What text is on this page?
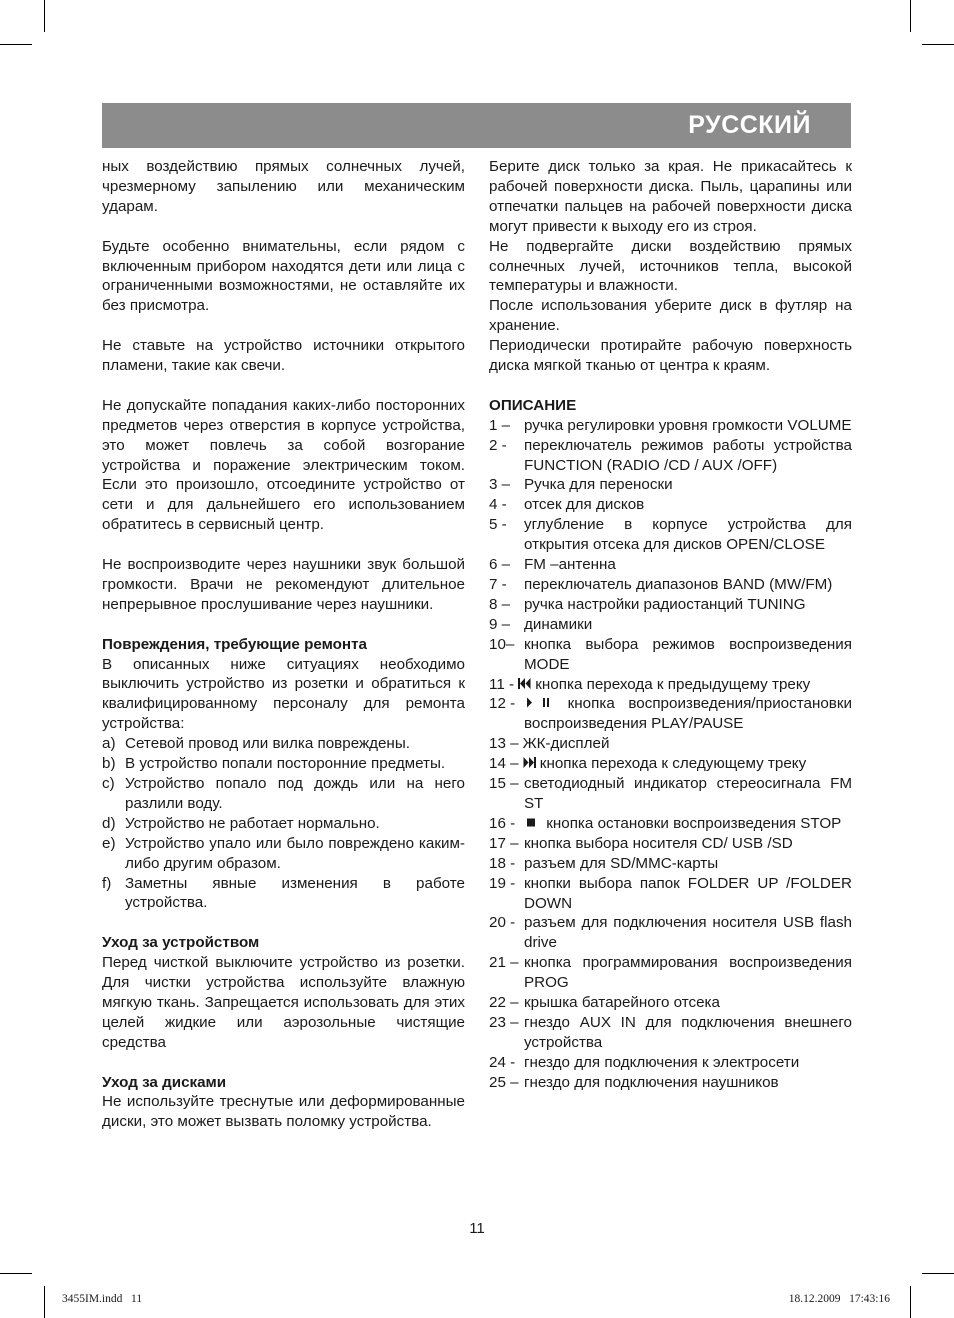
РУССКИЙ

ных воздействию прямых солнечных лучей, чрезмерному запылению или механическим ударам.

Будьте особенно внимательны, если рядом с включенным прибором находятся дети или лица с ограниченными возможностями, не оставляйте их без присмотра.

Не ставьте на устройство источники открытого пламени, такие как свечи.

Не допускайте попадания каких-либо посторонних предметов через отверстия в корпусе устройства, это может повлечь за собой возгорание устройства и поражение электрическим током. Если это произошло, отсоедините устройство от сети и для дальнейшего его использованием обратитесь в сервисный центр.

Не воспроизводите через наушники звук большой громкости. Врачи не рекомендуют длительное непрерывное прослушивание через наушники.

Повреждения, требующие ремонта

В описанных ниже ситуациях необходимо выключить устройство из розетки и обратиться к квалифицированному персоналу для ремонта устройства:

a) Сетевой провод или вилка повреждены.
b) В устройство попали посторонние предметы.
c) Устройство попало под дождь или на него разлили воду.
d) Устройство не работает нормально.
e) Устройство упало или было повреждено каким-либо другим образом.
f) Заметны явные изменения в работе устройства.

Уход за устройством

Перед чисткой выключите устройство из розетки. Для чистки устройства используйте влажную мягкую ткань. Запрещается использовать для этих целей жидкие или аэрозольные чистящие средства

Уход за дисками

Не используйте треснутые или деформированные диски, это может вызвать поломку устройства.

Берите диск только за края. Не прикасайтесь к рабочей поверхности диска. Пыль, царапины или отпечатки пальцев на рабочей поверхности диска могут привести к выходу его из строя.

Не подвергайте диски воздействию прямых солнечных лучей, источников тепла, высокой температуры и влажности.

После использования уберите диск в футляр на хранение.

Периодически протирайте рабочую поверхность диска мягкой тканью от центра к краям.

ОПИСАНИЕ

1 – ручка регулировки уровня громкости VOLUME
2 -	переключатель режимов работы устройства FUNCTION (RADIO /CD / AUX /OFF)
3 – Ручка для переноски
4 -	отсек для дисков
5 -	углубление в корпусе устройства для открытия отсека для дисков OPEN/CLOSE
6 – FM –антенна
7 -	переключатель диапазонов BAND (MW/FM)
8 – ручка настройки радиостанций TUNING
9 – динамики
10– кнопка выбора режимов воспроизведения MODE
11 -	кнопка перехода к предыдущему треку
12 -	кнопка воспроизведения/приостановки воспроизведения PLAY/PAUSE
13 – ЖК-дисплей
14 –	кнопка перехода к следующему треку
15 – светодиодный индикатор стереосигнала FM ST
16 -	кнопка остановки воспроизведения STOP
17 – кнопка выбора носителя CD/ USB /SD
18 - разъем для SD/MMC-карты
19 - кнопки выбора папок FOLDER UP /FOLDER DOWN
20 - разъем для подключения носителя USB flash drive
21 – кнопка программирования воспроизведения PROG
22 – крышка батарейного отсека
23 – гнездо AUX IN для подключения внешнего устройства
24 - гнездо для подключения к электросети
25 – гнездо для подключения наушников
11
3455IM.indd   11	18.12.2009   17:43:16
